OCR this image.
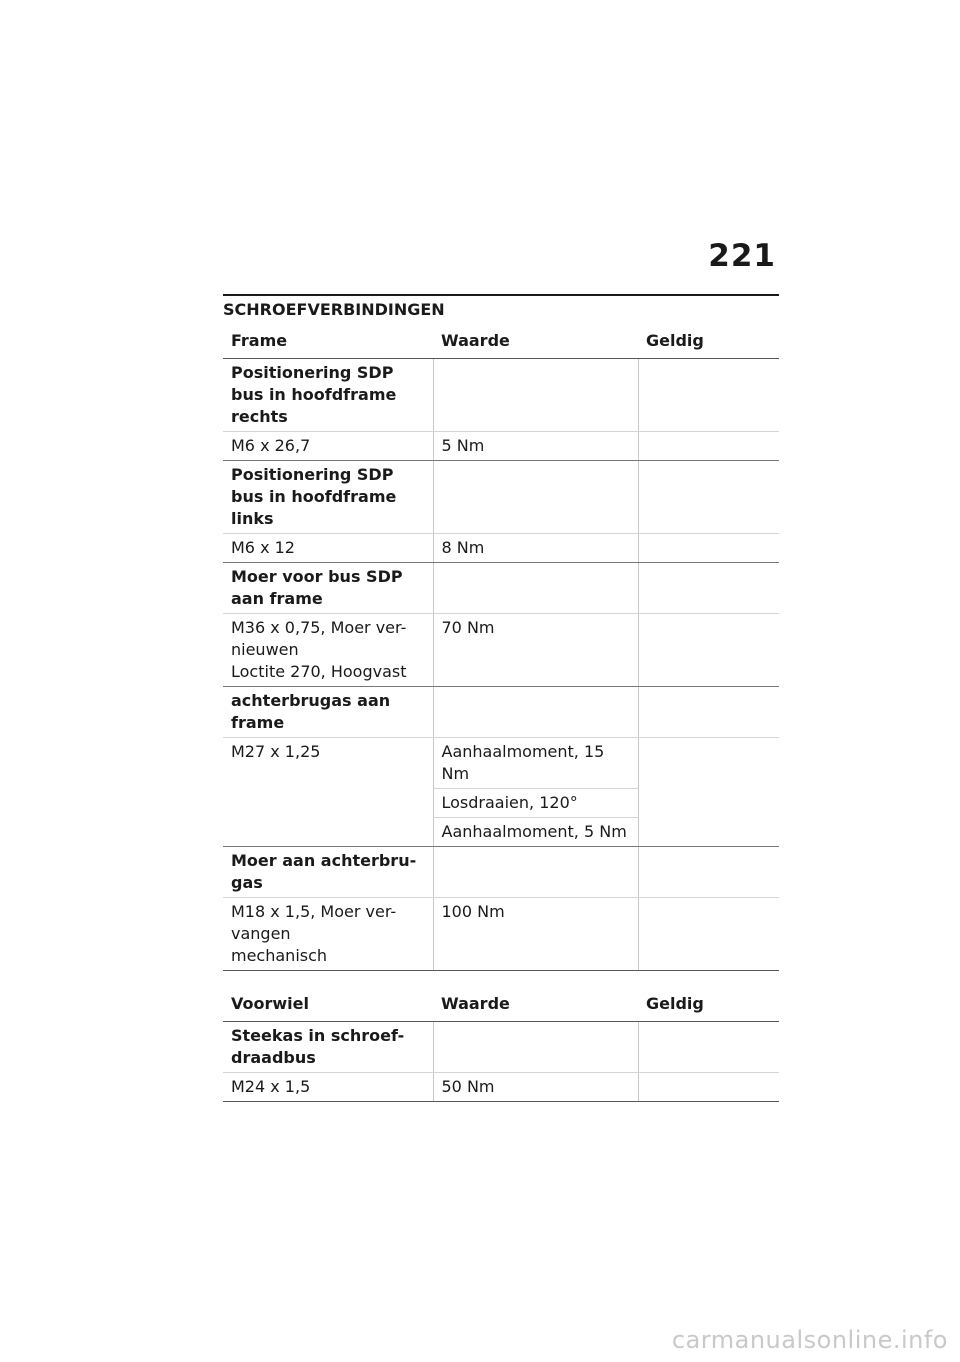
221
SCHROEFVERBINDINGEN
Frame	Waarde	Geldig
Positionering SDP bus in hoofdframe rechts		
M6 x 26,7	5 Nm	
Positionering SDP bus in hoofdframe links		
M6 x 12	8 Nm	
Moer voor bus SDP aan frame		

M36 x 0,75, Moer ver-
nieuwen
Loctite 270, Hoogvast	70 Nm	
achterbrugas aan frame		
M27 x 1,25	Aanhaalmoment, 15 Nm	
	Losdraaien, 120°	
	Aanhaalmoment, 5 Nm	
Moer aan achterbru-gas		

M18 x 1,5, Moer ver-
vangen
mechanisch	100 Nm	
Voorwiel	Waarde	Geldig
Steekas in schroef-draadbus		
M24 x 1,5	50 Nm	
carmanualsonline.info
